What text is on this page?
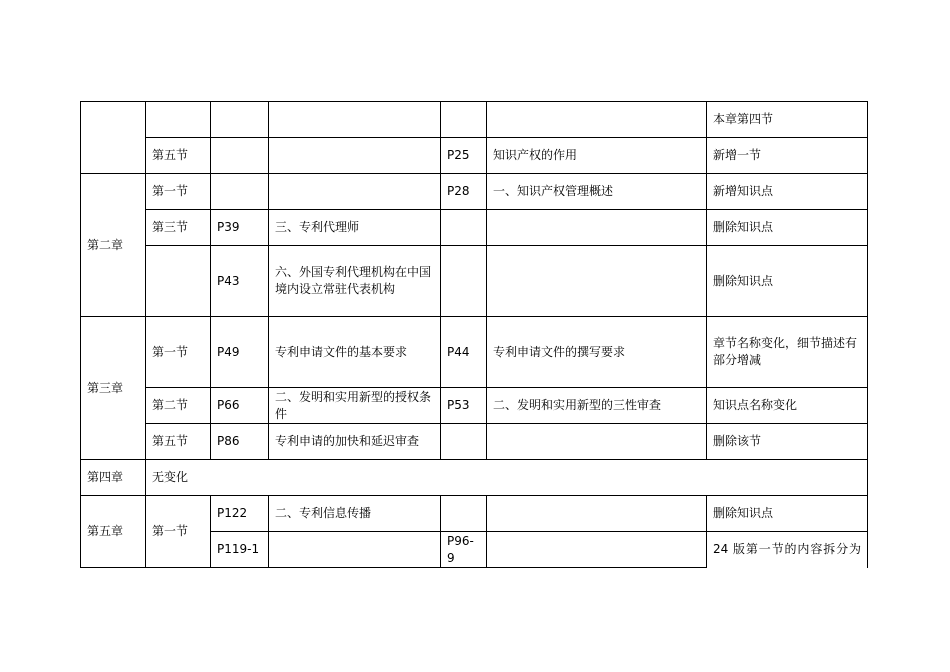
						本章第四节
	第五节			P25	知识产权的作用	新增一节
第二章	第一节			P28	一、知识产权管理概述	新增知识点
	第三节	P39	三、专利代理师			删除知识点
		P43	六、外国专利代理机构在中国境内设立常驻代表机构			删除知识点
第三章	第一节	P49	专利申请文件的基本要求	P44	专利申请文件的撰写要求	章节名称变化，细节描述有部分增减
	第二节	P66	二、发明和实用新型的授权条件	P53	二、发明和实用新型的三性审查	知识点名称变化
	第五节	P86	专利申请的加快和延迟审查			删除该节
第四章	无变化					
第五章	第一节	P122	二、专利信息传播			删除知识点
		P119-1		P96-9		24 版第一节的内容拆分为
